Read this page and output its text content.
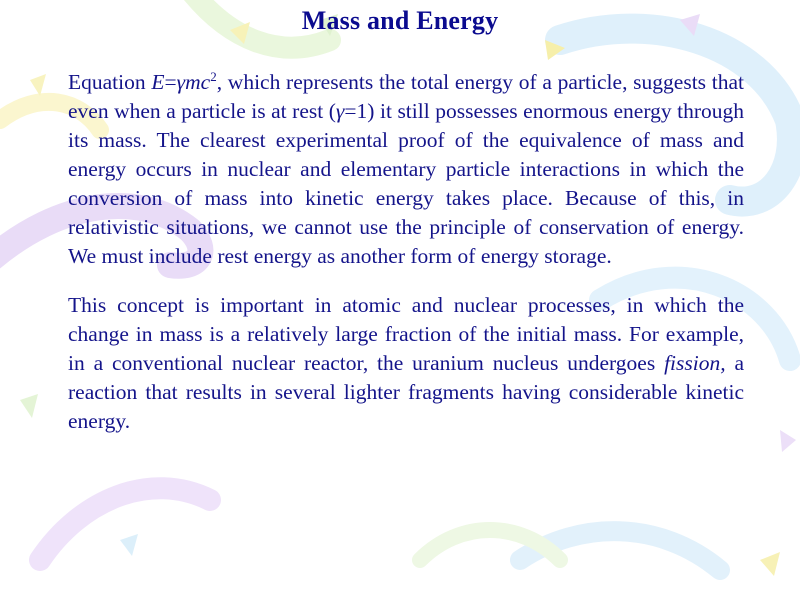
Mass and Energy

Equation E=γmc$^2$, which represents the total energy of a particle, suggests that even when a particle is at rest (γ=1) it still possesses enormous energy through its mass. The clearest experimental proof of the equivalence of mass and energy occurs in nuclear and elementary particle interactions in which the conversion of mass into kinetic energy takes place. Because of this, in relativistic situations, we cannot use the principle of conservation of energy. We must include rest energy as another form of energy storage.

This concept is important in atomic and nuclear processes, in which the change in mass is a relatively large fraction of the initial mass. For example, in a conventional nuclear reactor, the uranium nucleus undergoes fission, a reaction that results in several lighter fragments having considerable kinetic energy.
